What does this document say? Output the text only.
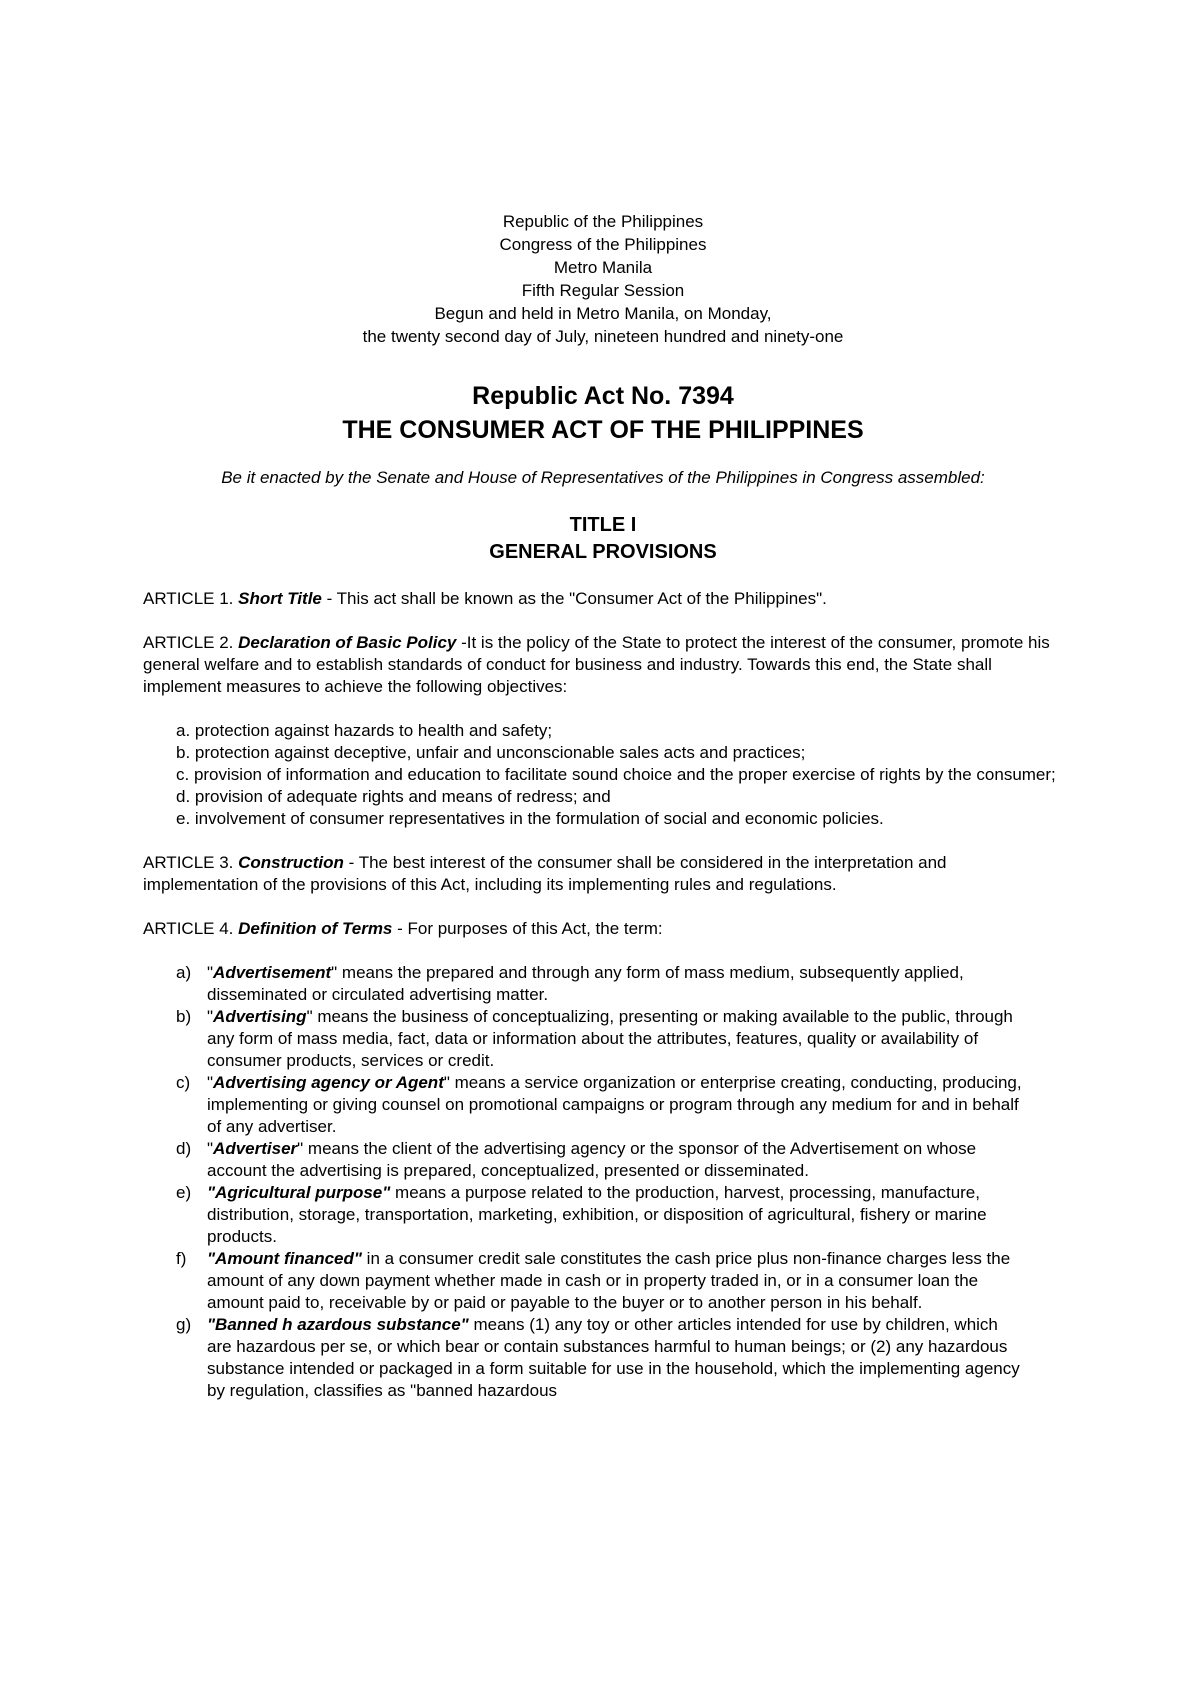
Republic of the Philippines
Congress of the Philippines
Metro Manila
Fifth Regular Session
Begun and held in Metro Manila, on Monday,
the twenty second day of July, nineteen hundred and ninety-one
Republic Act No. 7394
THE CONSUMER ACT OF THE PHILIPPINES
Be it enacted by the Senate and House of Representatives of the Philippines in Congress assembled:
TITLE I
GENERAL PROVISIONS
ARTICLE 1. Short Title - This act shall be known as the "Consumer Act of the Philippines".
ARTICLE 2. Declaration of Basic Policy -It is the policy of the State to protect the interest of the consumer, promote his general welfare and to establish standards of conduct for business and industry. Towards this end, the State shall implement measures to achieve the following objectives:
a. protection against hazards to health and safety;
b. protection against deceptive, unfair and unconscionable sales acts and practices;
c. provision of information and education to facilitate sound choice and the proper exercise of rights by the consumer;
d. provision of adequate rights and means of redress; and
e. involvement of consumer representatives in the formulation of social and economic policies.
ARTICLE 3. Construction - The best interest of the consumer shall be considered in the interpretation and implementation of the provisions of this Act, including its implementing rules and regulations.
ARTICLE 4. Definition of Terms - For purposes of this Act, the term:
a) "Advertisement" means the prepared and through any form of mass medium, subsequently applied, disseminated or circulated advertising matter.
b) "Advertising" means the business of conceptualizing, presenting or making available to the public, through any form of mass media, fact, data or information about the attributes, features, quality or availability of consumer products, services or credit.
c) "Advertising agency or Agent" means a service organization or enterprise creating, conducting, producing, implementing or giving counsel on promotional campaigns or program through any medium for and in behalf of any advertiser.
d) "Advertiser" means the client of the advertising agency or the sponsor of the Advertisement on whose account the advertising is prepared, conceptualized, presented or disseminated.
e) "Agricultural purpose" means a purpose related to the production, harvest, processing, manufacture, distribution, storage, transportation, marketing, exhibition, or disposition of agricultural, fishery or marine products.
f)	"Amount financed" in a consumer credit sale constitutes the cash price plus non-finance charges less the amount of any down payment whether made in cash or in property traded in, or in a consumer loan the amount paid to, receivable by or paid or payable to the buyer or to another person in his behalf.
g) "Banned h azardous substance" means (1) any toy or other articles intended for use by children, which are hazardous per se, or which bear or contain substances harmful to human beings; or (2) any hazardous substance intended or packaged in a form suitable for use in the household, which the implementing agency by regulation, classifies as "banned hazardous
